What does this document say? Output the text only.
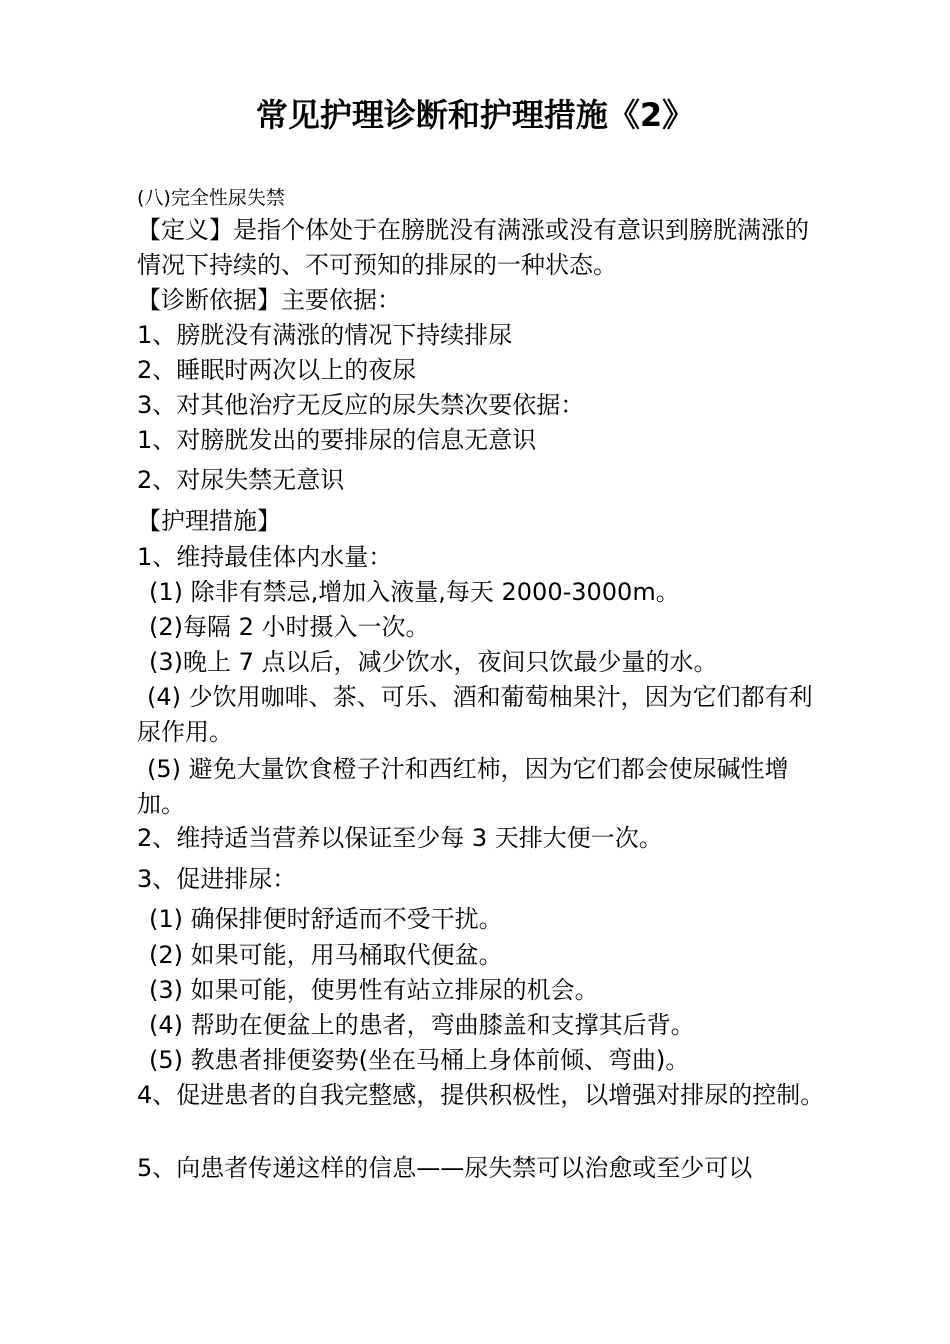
常见护理诊断和护理措施《2》
(八)完全性尿失禁
【定义】是指个体处于在膀胱没有满涨或没有意识到膀胱满涨的情况下持续的、不可预知的排尿的一种状态。
【诊断依据】主要依据：
1、膀胱没有满涨的情况下持续排尿
2、睡眠时两次以上的夜尿
3、对其他治疗无反应的尿失禁次要依据：
1、对膀胱发出的要排尿的信息无意识
2、对尿失禁无意识
【护理措施】
1、维持最佳体内水量：
(1) 除非有禁忌,增加入液量,每天 2000-3000m。
(2)每隔 2 小时摄入一次。
(3)晚上 7 点以后，减少饮水，夜间只饮最少量的水。
(4) 少饮用咖啡、茶、可乐、酒和葡萄柚果汁，因为它们都有利尿作用。
(5) 避免大量饮食橙子汁和西红柿，因为它们都会使尿碱性增加。
2、维持适当营养以保证至少每 3 天排大便一次。
3、促进排尿：
(1) 确保排便时舒适而不受干扰。
(2) 如果可能，用马桶取代便盆。
(3) 如果可能，使男性有站立排尿的机会。
(4) 帮助在便盆上的患者，弯曲膝盖和支撑其后背。
(5) 教患者排便姿势(坐在马桶上身体前倾、弯曲)。
4、促进患者的自我完整感，提供积极性，以增强对排尿的控制。
5、向患者传递这样的信息——尿失禁可以治愈或至少可以
